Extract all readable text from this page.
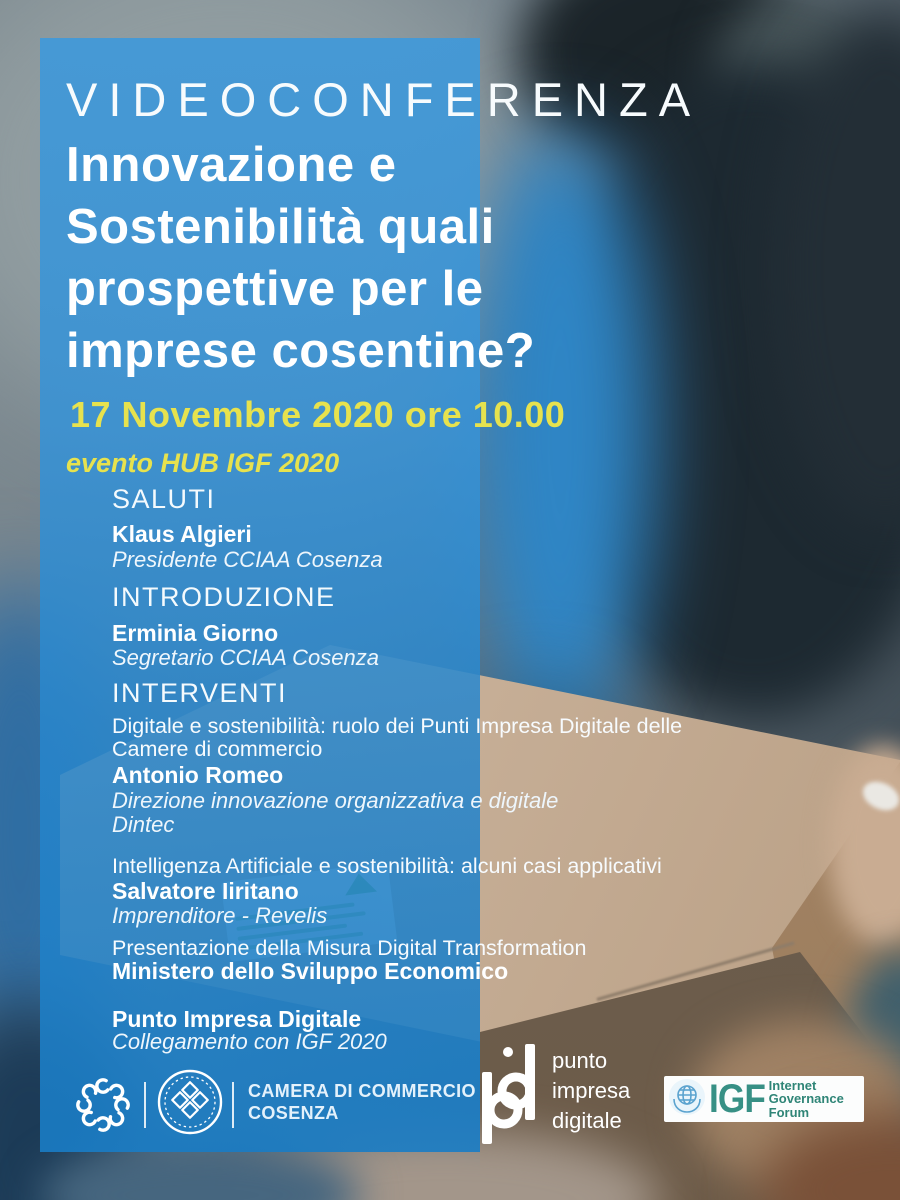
VIDEOCONFERENZA
Innovazione e
Sostenibilità quali
prospettive per le
imprese cosentine?
17 Novembre 2020 ore 10.00
evento HUB IGF 2020
SALUTI
Klaus Algieri
Presidente CCIAA Cosenza
INTRODUZIONE
Erminia Giorno
Segretario CCIAA Cosenza
INTERVENTI
Digitale e sostenibilità: ruolo dei Punti Impresa Digitale delle
Camere di commercio
Antonio Romeo
Direzione innovazione organizzativa e digitale
Dintec
Intelligenza Artificiale e sostenibilità: alcuni casi applicativi
Salvatore Iiritano
Imprenditore - Revelis
Presentazione della Misura Digital Transformation
Ministero dello Sviluppo Economico
Punto Impresa Digitale
Collegamento con IGF 2020
CAMERA DI COMMERCIO
COSENZA
punto
impresa
digitale IGF Internet
Governance
Forum
